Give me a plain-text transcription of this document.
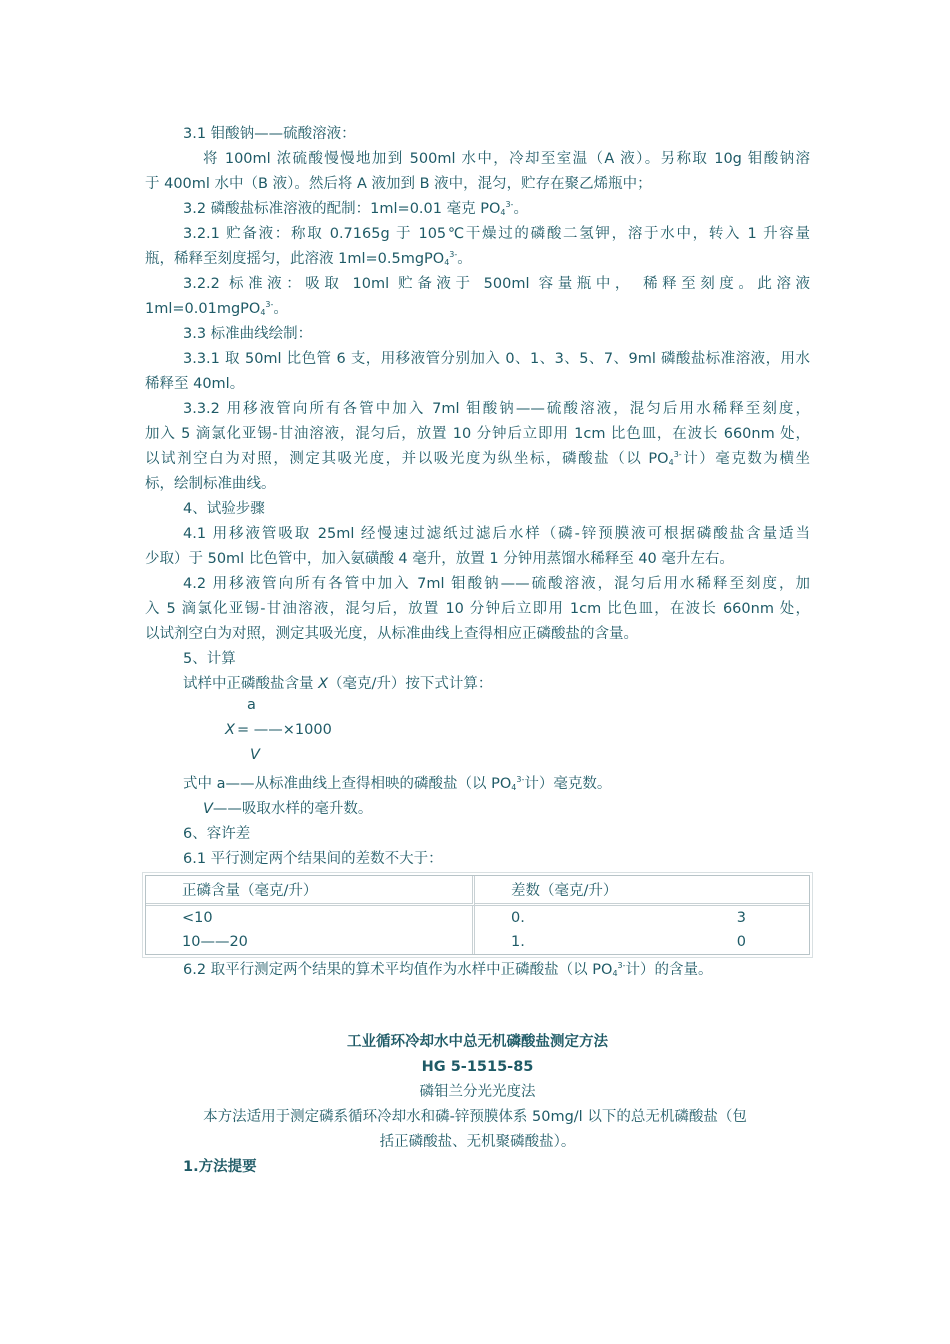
3.1 钼酸钠——硫酸溶液：

将 100ml 浓硫酸慢慢地加到 500ml 水中，冷却至室温（A 液）。另称取 10g 钼酸钠溶

于 400ml 水中（B 液）。然后将 A 液加到 B 液中，混匀，贮存在聚乙烯瓶中；

3.2 磷酸盐标准溶液的配制：1ml=0.01 毫克 $PO_4^{3-}$。

3.2.1 贮备液：称取 0.7165g 于 105℃干燥过的磷酸二氢钾，溶于水中，转入 1 升容量

瓶，稀释至刻度摇匀，此溶液 1ml=0.5mgPO$_4^{3-}$。

3.2.2 标准液：吸取 10ml 贮备液于 500ml 容量瓶中， 稀释至刻度。此溶液

1ml=0.01mgPO$_4^{3-}$。

3.3 标准曲线绘制：

3.3.1 取 50ml 比色管 6 支，用移液管分别加入 0、1、3、5、7、9ml 磷酸盐标准溶液，用水

稀释至 40ml。

3.3.2 用移液管向所有各管中加入 7ml 钼酸钠——硫酸溶液，混匀后用水稀释至刻度，

加入 5 滴氯化亚锡-甘油溶液，混匀后，放置 10 分钟后立即用 1cm 比色皿，在波长 660nm 处，

以试剂空白为对照，测定其吸光度，并以吸光度为纵坐标，磷酸盐（以 $PO_4^{3-}$计）毫克数为横坐

标，绘制标准曲线。

4、试验步骤

4.1 用移液管吸取 25ml 经慢速过滤纸过滤后水样（磷-锌预膜液可根据磷酸盐含量适当

少取）于 50ml 比色管中，加入氨磺酸 4 毫升，放置 1 分钟用蒸馏水稀释至 40 毫升左右。

4.2 用移液管向所有各管中加入 7ml 钼酸钠——硫酸溶液，混匀后用水稀释至刻度，加

入 5 滴氯化亚锡-甘油溶液，混匀后，放置 10 分钟后立即用 1cm 比色皿，在波长 660nm 处，

以试剂空白为对照，测定其吸光度，从标准曲线上查得相应正磷酸盐的含量。

5、计算

试样中正磷酸盐含量 X（毫克/升）按下式计算：

a
X = ——×1000
V

式中 a——从标准曲线上查得相映的磷酸盐（以 $PO_4^{3-}$计）毫克数。

V——吸取水样的毫升数。

6、容许差

6.1 平行测定两个结果间的差数不大于：

正磷含量（毫克/升）	差数（毫克/升）
<10	0. 3

10——20	1. 0

6.2 取平行测定两个结果的算术平均值作为水样中正磷酸盐（以 $PO_4^{3-}$计）的含量。

工业循环冷却水中总无机磷酸盐测定方法

HG 5-1515-85

磷钼兰分光光度法

本方法适用于测定磷系循环冷却水和磷-锌预膜体系 50mg/l 以下的总无机磷酸盐（包

括正磷酸盐、无机聚磷酸盐）。

1.方法提要
